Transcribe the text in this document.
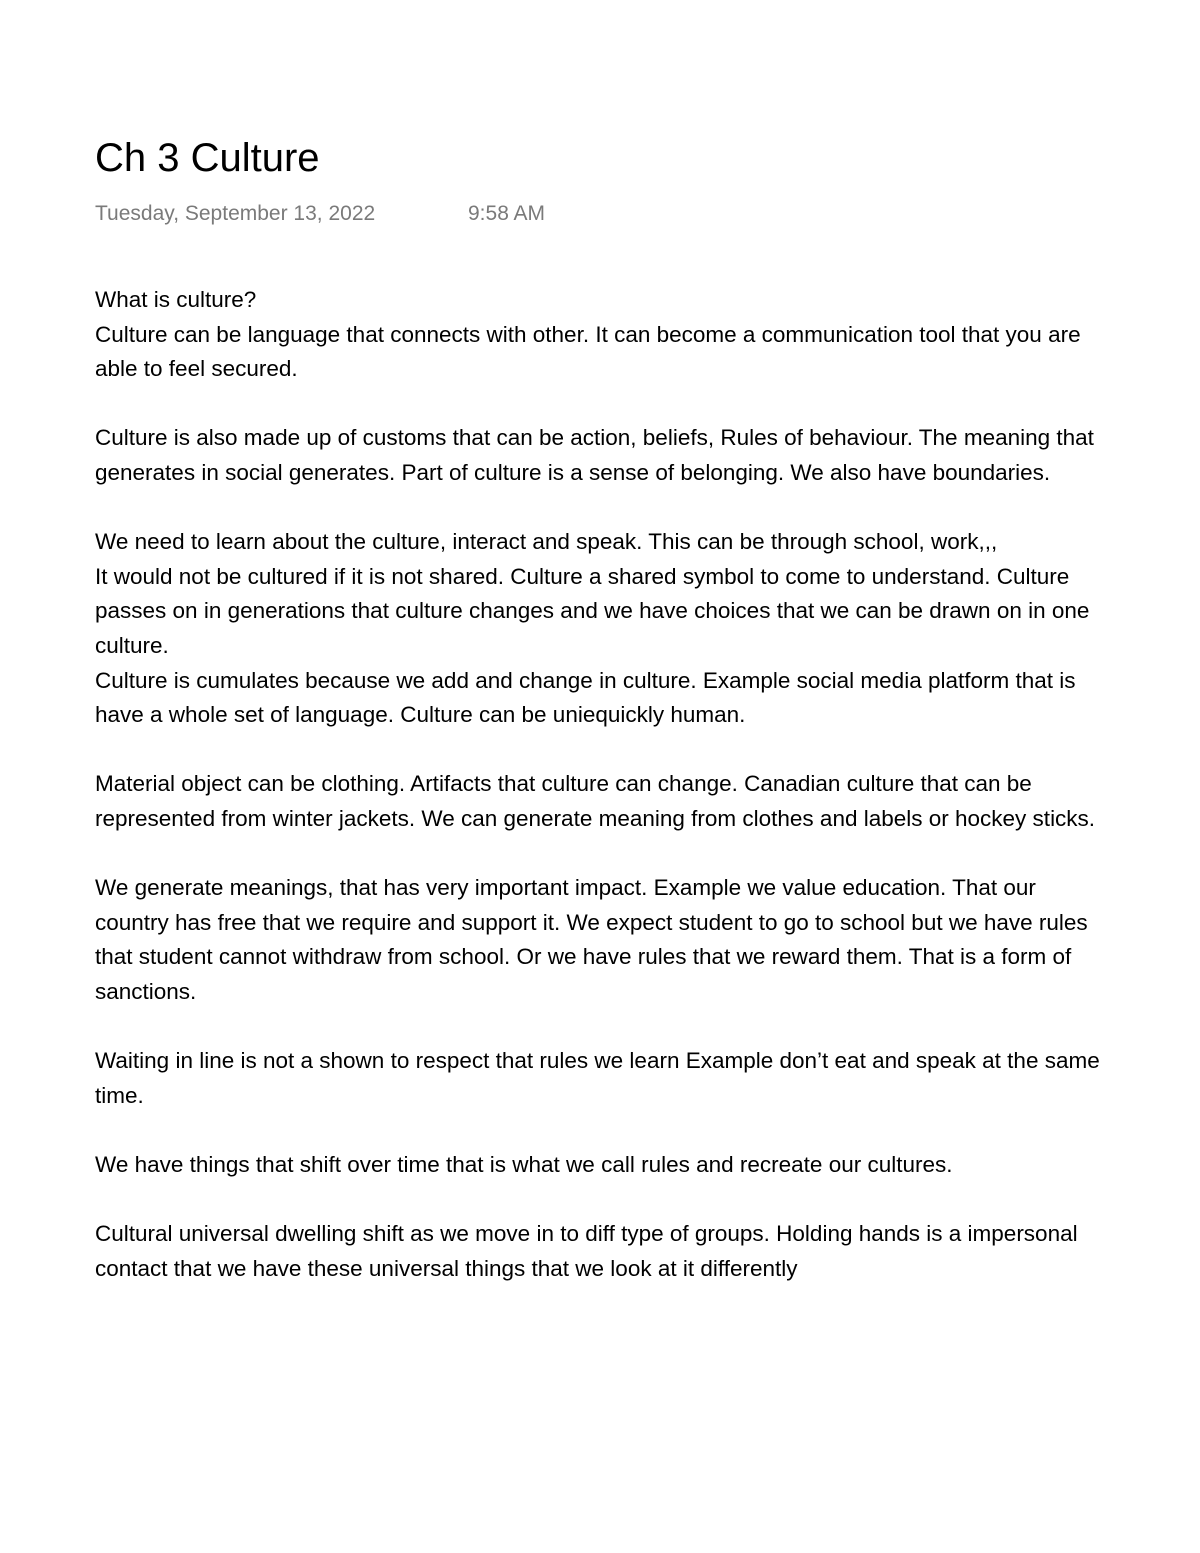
Ch 3 Culture
Tuesday, September 13, 2022	9:58 AM

What is culture?

Culture can be language that connects with other. It can become a communication tool that you are able to feel secured.

Culture is also made up of customs that can be action, beliefs, Rules of behaviour. The meaning that generates in social generates. Part of culture is a sense of belonging. We also have boundaries.

We need to learn about the culture, interact and speak. This can be through school, work,,,

It would not be cultured if it is not shared. Culture a shared symbol to come to understand. Culture passes on in generations that culture changes and we have choices that we can be drawn on in one culture.

Culture is cumulates because we add and change in culture. Example social media platform that is have a whole set of language. Culture can be uniequickly human.

Material object can be clothing. Artifacts that culture can change. Canadian culture that can be represented from winter jackets. We can generate meaning from clothes and labels or hockey sticks.

We generate meanings, that has very important impact. Example we value education. That our country has free that we require and support it. We expect student to go to school but we have rules that student cannot withdraw from school. Or we have rules that we reward them. That is a form of sanctions.

Waiting in line is not a shown to respect that rules we learn Example don’t eat and speak at the same time.

We have things that shift over time that is what we call rules and recreate our cultures.

Cultural universal dwelling shift as we move in to diff type of groups. Holding hands is a impersonal contact that we have these universal things that we look at it differently
